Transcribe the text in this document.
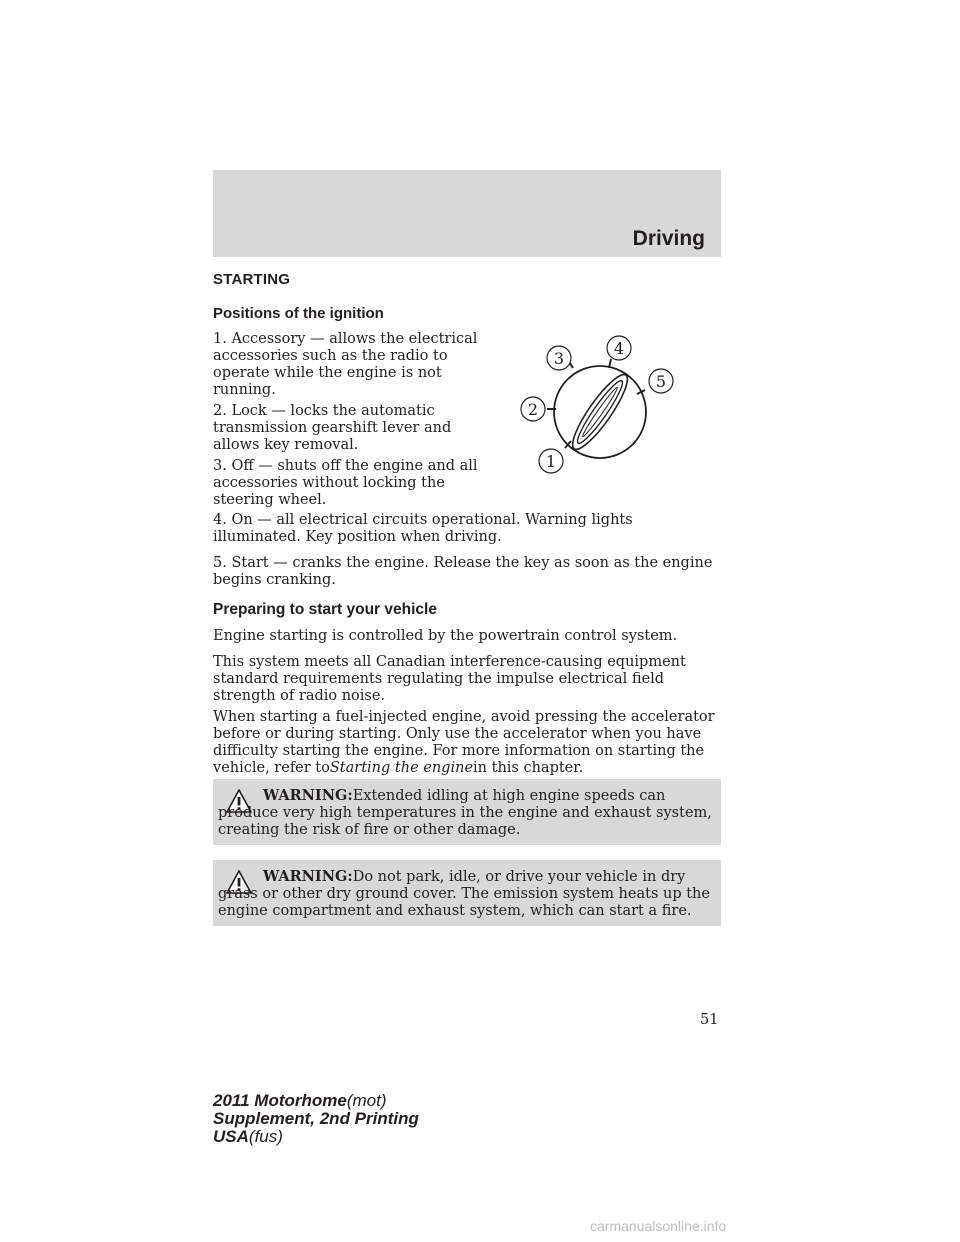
Driving
STARTING
Positions of the ignition

1. Accessory — allows the electrical accessories such as the radio to operate while the engine is not running.

2. Lock — locks the automatic transmission gearshift lever and allows key removal.

3. Off — shuts off the engine and all accessories without locking the steering wheel.

4. On — all electrical circuits operational. Warning lights illuminated. Key position when driving.

5. Start — cranks the engine. Release the key as soon as the engine begins cranking.

Preparing to start your vehicle

Engine starting is controlled by the powertrain control system.

This system meets all Canadian interference-causing equipment standard requirements regulating the impulse electrical field strength of radio noise.

When starting a fuel-injected engine, avoid pressing the accelerator before or during starting. Only use the accelerator when you have difficulty starting the engine. For more information on starting the vehicle, refer toStarting the enginein this chapter.

3
4
5
2
1

WARNING:Extended idling at high engine speeds can produce very high temperatures in the engine and exhaust system, creating the risk of fire or other damage.

WARNING:Do not park, idle, or drive your vehicle in dry grass or other dry ground cover. The emission system heats up the engine compartment and exhaust system, which can start a fire.

51
2011 Motorhome(mot)
Supplement, 2nd Printing
USA(fus)
carmanualsonline.info
